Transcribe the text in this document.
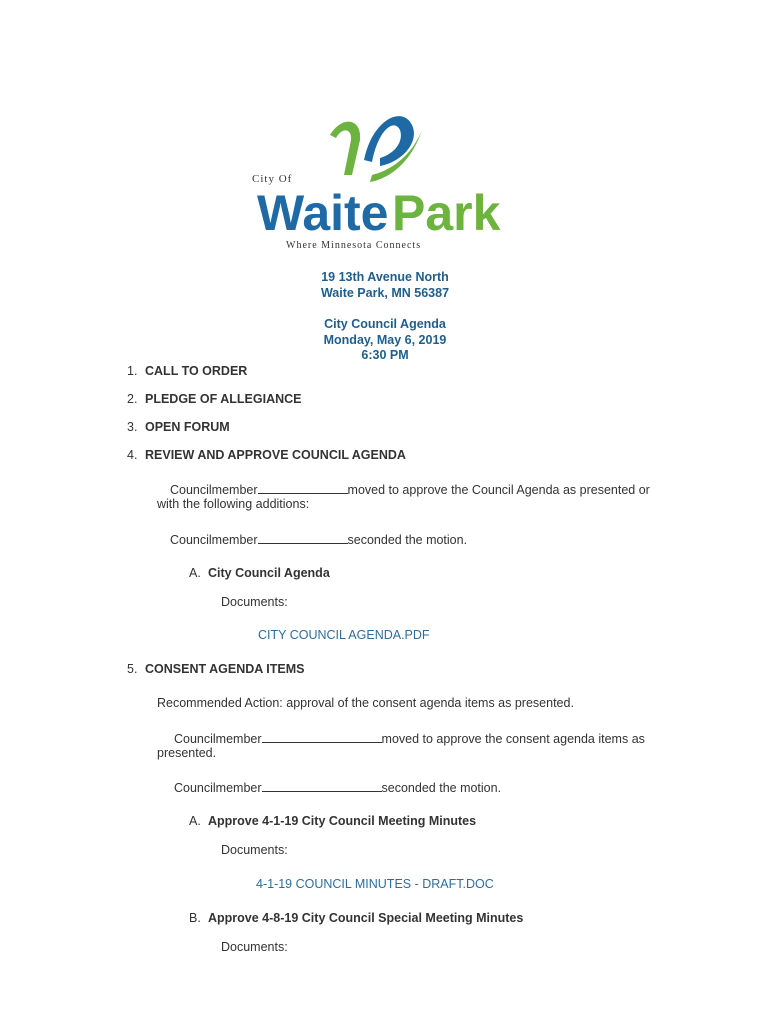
City Of
Waite Park
Where Minnesota Connects
19 13th Avenue North
Waite Park, MN 56387
City Council Agenda
Monday, May 6, 2019
6:30 PM
1. CALL TO ORDER
2. PLEDGE OF ALLEGIANCE
3. OPEN FORUM
4. REVIEW AND APPROVE COUNCIL AGENDA
Councilmember	moved to approve the Council Agenda as presented or
with the following additions:
Councilmember	seconded the motion.
A. City Council Agenda
Documents:
CITY COUNCIL AGENDA.PDF
5. CONSENT AGENDA ITEMS
Recommended Action: approval of the consent agenda items as presented.
Councilmember	moved to approve the consent agenda items as
presented.
Councilmember	seconded the motion.
A. Approve 4-1-19 City Council Meeting Minutes
Documents:
4-1-19 COUNCIL MINUTES - DRAFT.DOC
B. Approve 4-8-19 City Council Special Meeting Minutes
Documents:
